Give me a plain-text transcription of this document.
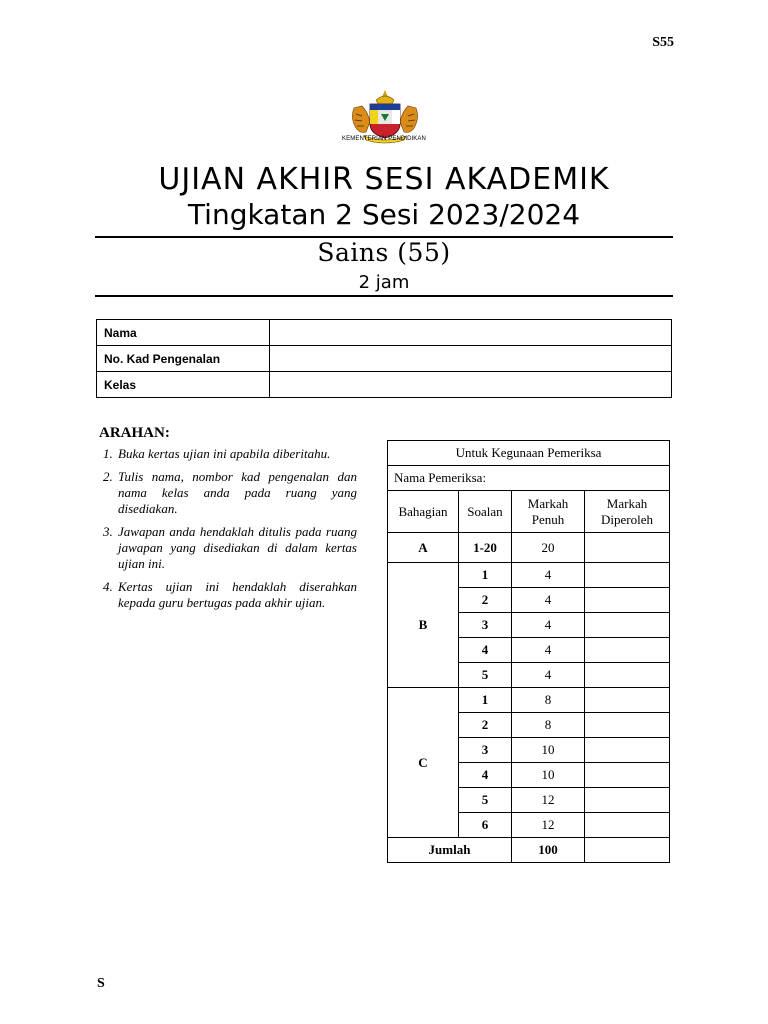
S55
KEMENTERIAN PENDIDIKAN
UJIAN AKHIR SESI AKADEMIK
Tingkatan 2 Sesi 2023/2024
Sains (55)
2 jam
Nama	
No. Kad Pengenalan	
Kelas	
ARAHAN:
1. Buka kertas ujian ini apabila diberitahu.
2. Tulis nama, nombor kad pengenalan dan nama kelas anda pada ruang yang disediakan.
3. Jawapan anda hendaklah ditulis pada ruang jawapan yang disediakan di dalam kertas ujian ini.
4. Kertas ujian ini hendaklah diserahkan kepada guru bertugas pada akhir ujian.
Untuk Kegunaan Pemeriksa			
Nama Pemeriksa:			
Bahagian	Soalan	Markah Penuh	Markah Diperoleh
A	1-20	20	
B	1	4	
	2	4	
	3	4	
	4	4	
	5	4	
C	1	8	
	2	8	
	3	10	
	4	10	
	5	12	
	6	12	
Jumlah		100	
S
